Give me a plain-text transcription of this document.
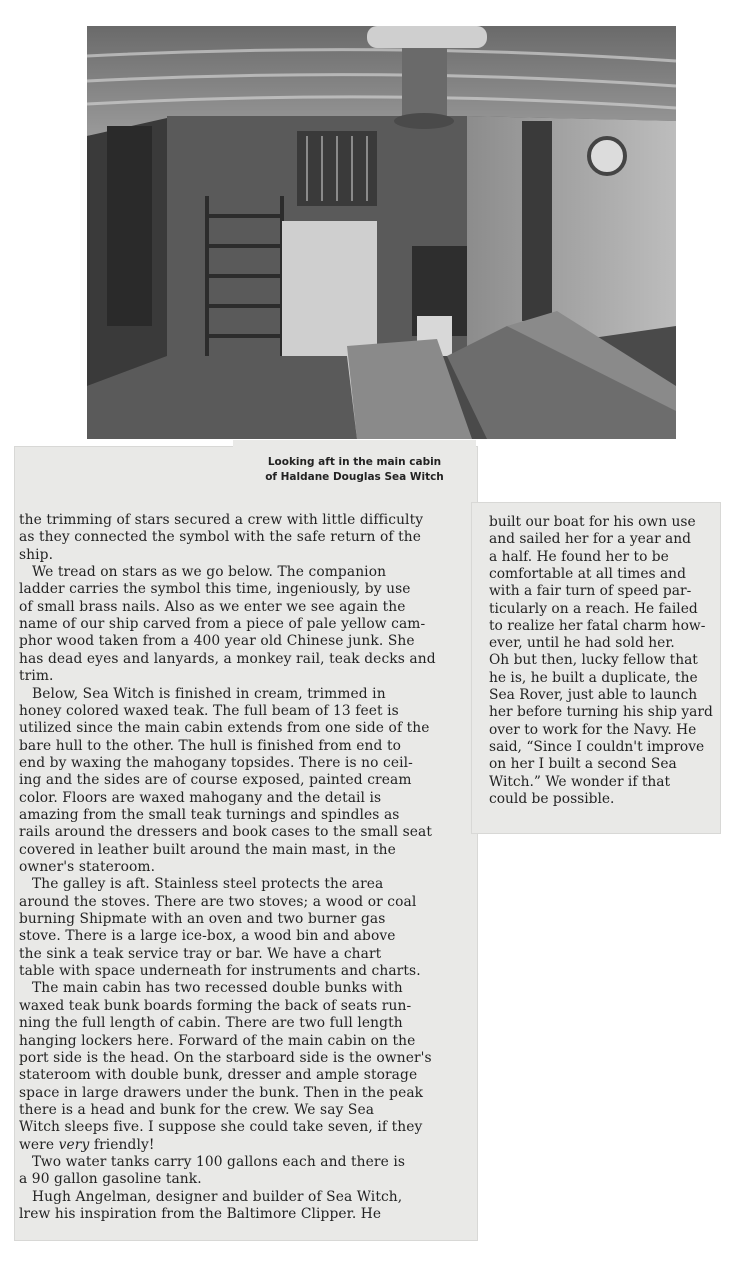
Looking aft in the main cabin
of Haldane Douglas Sea Witch
the trimming of stars secured a crew with little difficulty
as they connected the symbol with the safe return of the
ship.
We tread on stars as we go below. The companion
ladder carries the symbol this time, ingeniously, by use
of small brass nails. Also as we enter we see again the
name of our ship carved from a piece of pale yellow cam-
phor wood taken from a 400 year old Chinese junk. She
has dead eyes and lanyards, a monkey rail, teak decks and
trim.
Below, Sea Witch is finished in cream, trimmed in
honey colored waxed teak. The full beam of 13 feet is
utilized since the main cabin extends from one side of the
bare hull to the other. The hull is finished from end to
end by waxing the mahogany topsides. There is no ceil-
ing and the sides are of course exposed, painted cream
color. Floors are waxed mahogany and the detail is
amazing from the small teak turnings and spindles as
rails around the dressers and book cases to the small seat
covered in leather built around the main mast, in the
owner's stateroom.
The galley is aft. Stainless steel protects the area
around the stoves. There are two stoves; a wood or coal
burning Shipmate with an oven and two burner gas
stove. There is a large ice-box, a wood bin and above
the sink a teak service tray or bar. We have a chart
table with space underneath for instruments and charts.
The main cabin has two recessed double bunks with
waxed teak bunk boards forming the back of seats run-
ning the full length of cabin. There are two full length
hanging lockers here. Forward of the main cabin on the
port side is the head. On the starboard side is the owner's
stateroom with double bunk, dresser and ample storage
space in large drawers under the bunk. Then in the peak
there is a head and bunk for the crew. We say Sea
Witch sleeps five. I suppose she could take seven, if they
were very friendly!
Two water tanks carry 100 gallons each and there is
a 90 gallon gasoline tank.
Hugh Angelman, designer and builder of Sea Witch,
lrew his inspiration from the Baltimore Clipper. He
built our boat for his own use
and sailed her for a year and
a half. He found her to be
comfortable at all times and
with a fair turn of speed par-
ticularly on a reach. He failed
to realize her fatal charm how-
ever, until he had sold her.
Oh but then, lucky fellow that
he is, he built a duplicate, the
Sea Rover, just able to launch
her before turning his ship yard
over to work for the Navy. He
said, “Since I couldn't improve
on her I built a second Sea
Witch.” We wonder if that
could be possible.
